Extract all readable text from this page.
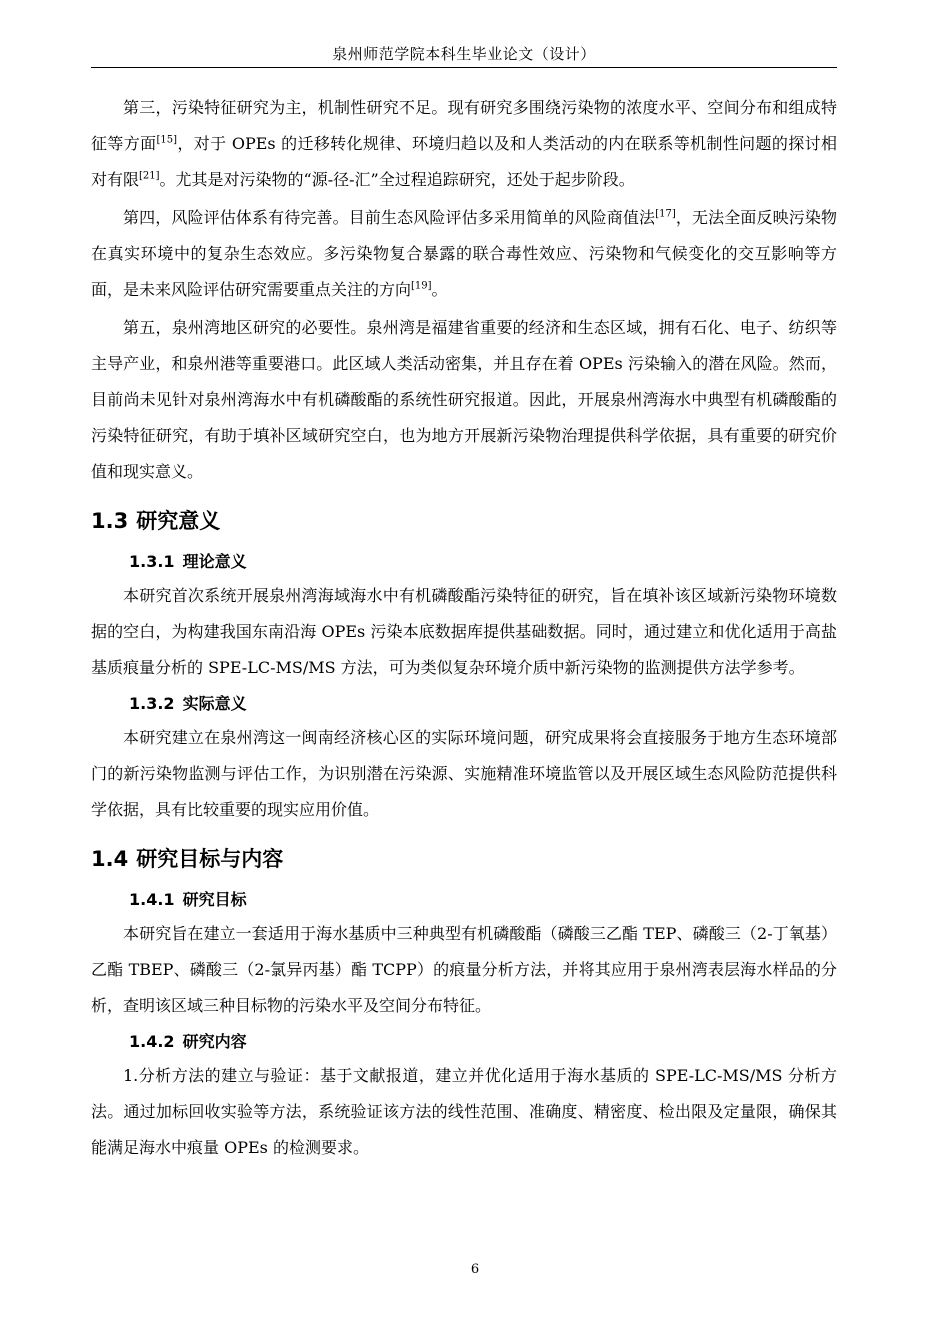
泉州师范学院本科生毕业论文（设计）

第三，污染特征研究为主，机制性研究不足。现有研究多围绕污染物的浓度水平、空间分布和组成特征等方面[15]，对于 OPEs 的迁移转化规律、环境归趋以及和人类活动的内在联系等机制性问题的探讨相对有限[21]。尤其是对污染物的“源-径-汇”全过程追踪研究，还处于起步阶段。

第四，风险评估体系有待完善。目前生态风险评估多采用简单的风险商值法[17]，无法全面反映污染物在真实环境中的复杂生态效应。多污染物复合暴露的联合毒性效应、污染物和气候变化的交互影响等方面，是未来风险评估研究需要重点关注的方向[19]。

第五，泉州湾地区研究的必要性。泉州湾是福建省重要的经济和生态区域，拥有石化、电子、纺织等主导产业，和泉州港等重要港口。此区域人类活动密集，并且存在着 OPEs 污染输入的潜在风险。然而，目前尚未见针对泉州湾海水中有机磷酸酯的系统性研究报道。因此，开展泉州湾海水中典型有机磷酸酯的污染特征研究，有助于填补区域研究空白，也为地方开展新污染物治理提供科学依据，具有重要的研究价值和现实意义。

1.3 研究意义
1.3.1 理论意义

本研究首次系统开展泉州湾海域海水中有机磷酸酯污染特征的研究，旨在填补该区域新污染物环境数据的空白，为构建我国东南沿海 OPEs 污染本底数据库提供基础数据。同时，通过建立和优化适用于高盐基质痕量分析的 SPE-LC-MS/MS 方法，可为类似复杂环境介质中新污染物的监测提供方法学参考。

1.3.2 实际意义

本研究建立在泉州湾这一闽南经济核心区的实际环境问题，研究成果将会直接服务于地方生态环境部门的新污染物监测与评估工作，为识别潜在污染源、实施精准环境监管以及开展区域生态风险防范提供科学依据，具有比较重要的现实应用价值。

1.4 研究目标与内容
1.4.1 研究目标

本研究旨在建立一套适用于海水基质中三种典型有机磷酸酯（磷酸三乙酯 TEP、磷酸三（2-丁氧基）乙酯 TBEP、磷酸三（2-氯异丙基）酯 TCPP）的痕量分析方法，并将其应用于泉州湾表层海水样品的分析，查明该区域三种目标物的污染水平及空间分布特征。

1.4.2 研究内容

1.分析方法的建立与验证：基于文献报道，建立并优化适用于海水基质的 SPE-LC-MS/MS 分析方法。通过加标回收实验等方法，系统验证该方法的线性范围、准确度、精密度、检出限及定量限，确保其能满足海水中痕量 OPEs 的检测要求。

6
